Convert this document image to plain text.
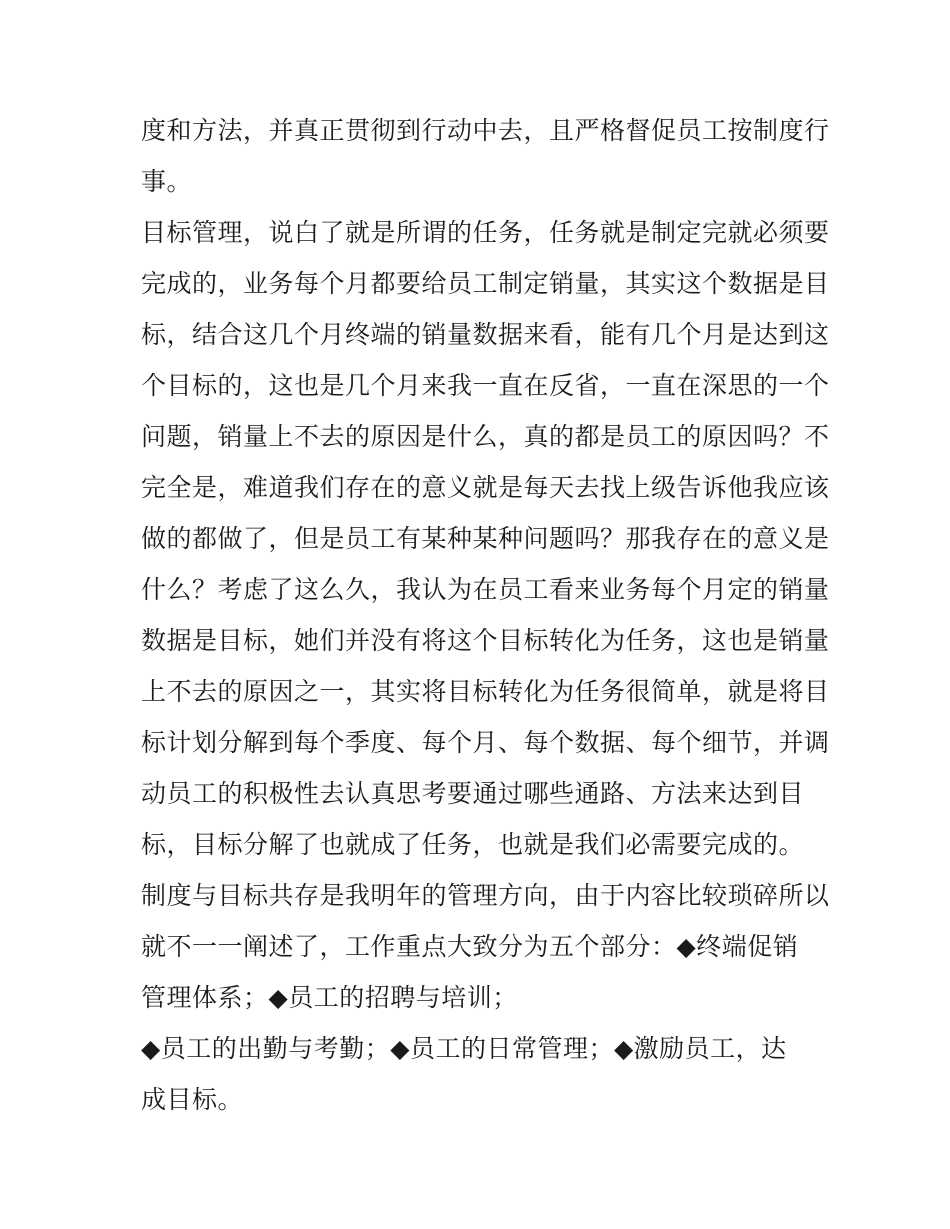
度和方法，并真正贯彻到行动中去，且严格督促员工按制度行
事。
目标管理，说白了就是所谓的任务，任务就是制定完就必须要
完成的，业务每个月都要给员工制定销量，其实这个数据是目
标，结合这几个月终端的销量数据来看，能有几个月是达到这
个目标的，这也是几个月来我一直在反省，一直在深思的一个
问题，销量上不去的原因是什么，真的都是员工的原因吗？不
完全是，难道我们存在的意义就是每天去找上级告诉他我应该
做的都做了，但是员工有某种某种问题吗？那我存在的意义是
什么？考虑了这么久，我认为在员工看来业务每个月定的销量
数据是目标，她们并没有将这个目标转化为任务，这也是销量
上不去的原因之一，其实将目标转化为任务很简单，就是将目
标计划分解到每个季度、每个月、每个数据、每个细节，并调
动员工的积极性去认真思考要通过哪些通路、方法来达到目
标，目标分解了也就成了任务，也就是我们必需要完成的。
制度与目标共存是我明年的管理方向，由于内容比较琐碎所以
就不一一阐述了，工作重点大致分为五个部分：◆终端促销
管理体系；◆员工的招聘与培训；
◆员工的出勤与考勤；◆员工的日常管理；◆激励员工，达
成目标。
